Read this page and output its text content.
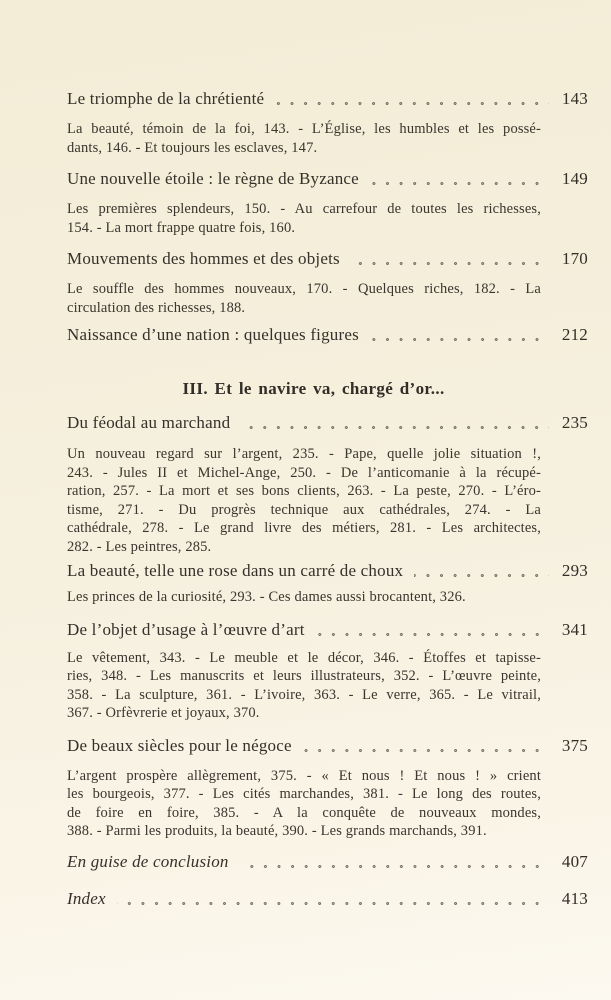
Le triomphe de la chrétienté	143
La beauté, témoin de la foi, 143. - L’Église, les humbles et les possé-
dants, 146. - Et toujours les esclaves, 147.
Une nouvelle étoile : le règne de Byzance	149
Les premières splendeurs, 150. - Au carrefour de toutes les richesses,
154. - La mort frappe quatre fois, 160.
Mouvements des hommes et des objets	170
Le souffle des hommes nouveaux, 170. - Quelques riches, 182. - La
circulation des richesses, 188.
Naissance d’une nation : quelques figures	212
III. Et le navire va, chargé d’or...
Du féodal au marchand	235
Un nouveau regard sur l’argent, 235. - Pape, quelle jolie situation !,
243. - Jules II et Michel-Ange, 250. - De l’anticomanie à la récupé-
ration, 257. - La mort et ses bons clients, 263. - La peste, 270. - L’éro-
tisme, 271. - Du progrès technique aux cathédrales, 274. - La
cathédrale, 278. - Le grand livre des métiers, 281. - Les architectes,
282. - Les peintres, 285.
La beauté, telle une rose dans un carré de choux	293
Les princes de la curiosité, 293. - Ces dames aussi brocantent, 326.
De l’objet d’usage à l’œuvre d’art	341
Le vêtement, 343. - Le meuble et le décor, 346. - Étoffes et tapisse-
ries, 348. - Les manuscrits et leurs illustrateurs, 352. - L’œuvre peinte,
358. - La sculpture, 361. - L’ivoire, 363. - Le verre, 365. - Le vitrail,
367. - Orfèvrerie et joyaux, 370.
De beaux siècles pour le négoce	375
L’argent prospère allègrement, 375. - « Et nous ! Et nous ! » crient
les bourgeois, 377. - Les cités marchandes, 381. - Le long des routes,
de foire en foire, 385. - A la conquête de nouveaux mondes,
388. - Parmi les produits, la beauté, 390. - Les grands marchands, 391.
En guise de conclusion	407
Index	413
